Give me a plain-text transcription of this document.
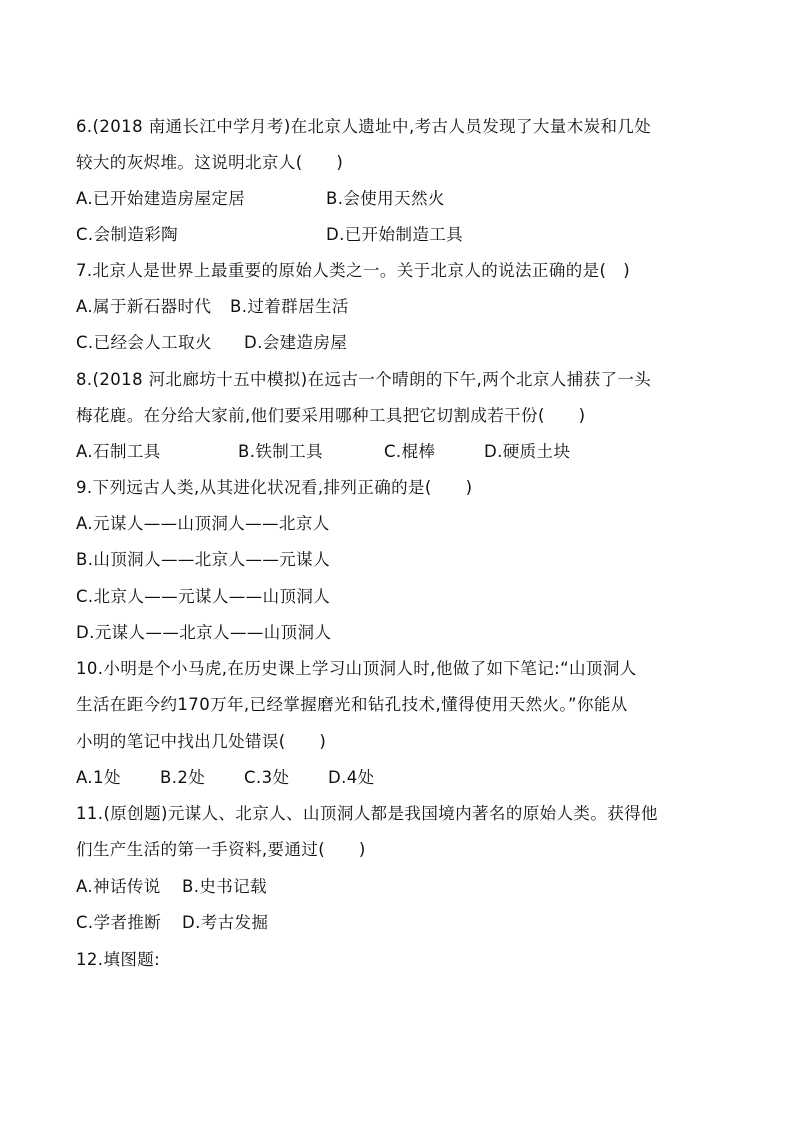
6.(2018 南通长江中学月考)在北京人遗址中,考古人员发现了大量木炭和几处
较大的灰烬堆。这说明北京人(　　)
A.已开始建造房屋定居	B.会使用天然火
C.会制造彩陶	D.已开始制造工具
7.北京人是世界上最重要的原始人类之一。关于北京人的说法正确的是(　)
A.属于新石器时代	B.过着群居生活
C.已经会人工取火	D.会建造房屋
8.(2018 河北廊坊十五中模拟)在远古一个晴朗的下午,两个北京人捕获了一头
梅花鹿。在分给大家前,他们要采用哪种工具把它切割成若干份(　　)
A.石制工具	B.铁制工具	C.棍棒	D.硬质土块
9.下列远古人类,从其进化状况看,排列正确的是(　　)
A.元谋人——山顶洞人——北京人
B.山顶洞人——北京人——元谋人
C.北京人——元谋人——山顶洞人
D.元谋人——北京人——山顶洞人
10.小明是个小马虎,在历史课上学习山顶洞人时,他做了如下笔记:“山顶洞人
生活在距今约170万年,已经掌握磨光和钻孔技术,懂得使用天然火。”你能从
小明的笔记中找出几处错误(　　)
A.1处	B.2处	C.3处	D.4处
11.(原创题)元谋人、北京人、山顶洞人都是我国境内著名的原始人类。获得他
们生产生活的第一手资料,要通过(　　)
A.神话传说	B.史书记载
C.学者推断	D.考古发掘
12.填图题:
